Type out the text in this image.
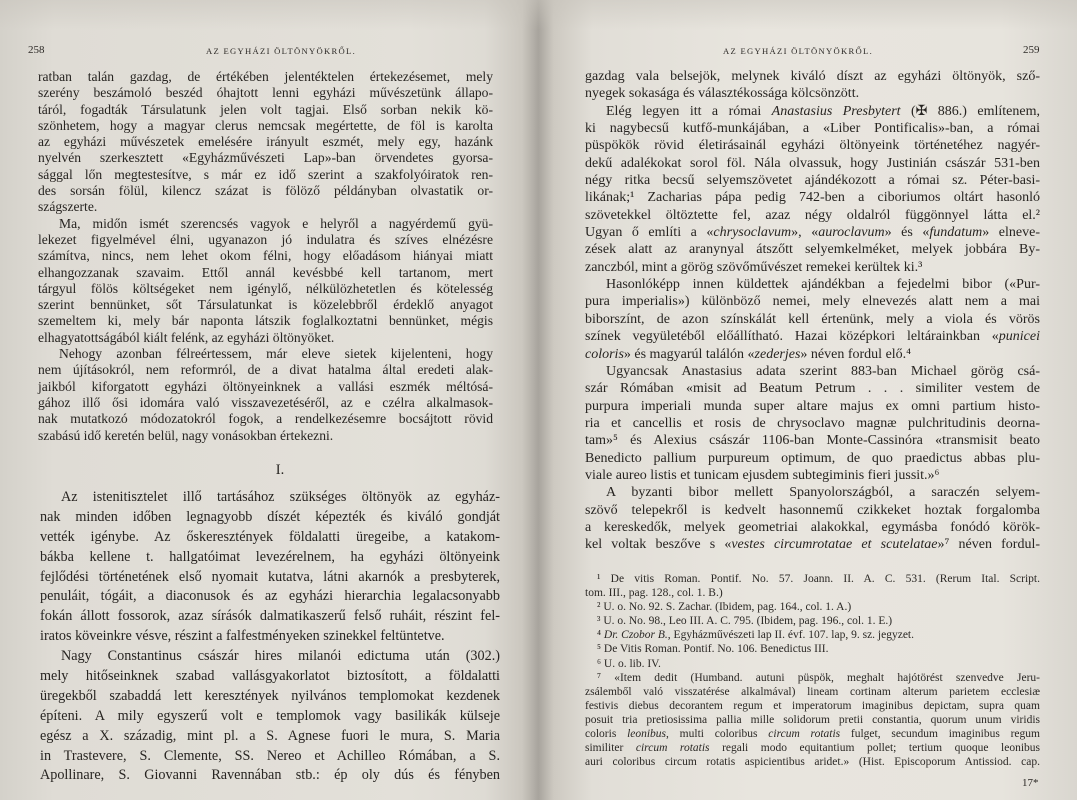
258	AZ EGYHÁZI ÖLTÖNYÖKRŐL.
ratban talán gazdag, de értékében jelentéktelen értekezésemet, mely
szerény beszámoló beszéd óhajtott lenni egyházi művészetünk állapo-
táról, fogadták Társulatunk jelen volt tagjai. Első sorban nekik kö-
szönhetem, hogy a magyar clerus nemcsak megértette, de föl is karolta
az egyházi művészetek emelésére irányult eszmét, mely egy, hazánk
nyelvén szerkesztett «Egyházművészeti Lap»-ban örvendetes gyorsa-
sággal lőn megtestesítve, s már ez idő szerint a szakfolyóiratok ren-
des sorsán fölül, kilencz százat is fölöző példányban olvastatik or-
szágszerte.
Ma, midőn ismét szerencsés vagyok e helyről a nagyérdemű gyü-
lekezet figyelmével élni, ugyanazon jó indulatra és szíves elnézésre
számítva, nincs, nem lehet okom félni, hogy előadásom hiányai miatt
elhangozzanak szavaim. Ettől annál kevésbbé kell tartanom, mert
tárgyul fölös költségeket nem igénylő, nélkülözhetetlen és kötelesség
szerint bennünket, sőt Társulatunkat is közelebbről érdeklő anyagot
szemeltem ki, mely bár naponta látszik foglalkoztatni bennünket, mégis
elhagyatottságából kiált felénk, az egyházi öltönyöket.
Nehogy azonban félreértessem, már eleve sietek kijelenteni, hogy
nem újításokról, nem reformról, de a divat hatalma által eredeti alak-
jaikból kiforgatott egyházi öltönyeinknek a vallási eszmék méltósá-
gához illő ősi idomára való visszavezetéséről, az e czélra alkalmasok-
nak mutatkozó módozatokról fogok, a rendelkezésemre bocsájtott rövid
szabású idő keretén belül, nagy vonásokban értekezni.
I.
Az istenitisztelet illő tartásához szükséges öltönyök az egyház-
nak minden időben legnagyobb díszét képezték és kiváló gondját
vették igénybe. Az őskeresztények földalatti üregeibe, a katakom-
bákba kellene t. hallgatóimat levezérelnem, ha egyházi öltönyeink
fejlődési történetének első nyomait kutatva, látni akarnók a presbyterek,
penuláit, tógáit, a diaconusok és az egyházi hierarchia legalacsonyabb
fokán állott fossorok, azaz sírásók dalmatikaszerű felső ruháit, részint fel-
iratos köveinkre vésve, részint a falfestményeken szinekkel feltüntetve.
Nagy Constantinus császár hires milanói edictuma után (302.)
mely hitőseinknek szabad vallásgyakorlatot biztosított, a földalatti
üregekből szabaddá lett keresztények nyilvános templomokat kezdenek
építeni. A mily egyszerű volt e templomok vagy basilikák külseje
egész a X. századig, mint pl. a S. Agnese fuori le mura, S. Maria
in Trastevere, S. Clemente, SS. Nereo et Achilleo Rómában, a S.
Apollinare, S. Giovanni Ravennában stb.: ép oly dús és fényben
AZ EGYHÁZI ÖLTÖNYÖKRŐL.	259
gazdag vala belsejök, melynek kiváló díszt az egyházi öltönyök, sző-
nyegek sokasága és választékossága kölcsönzött.
Elég legyen itt a római Anastasius Presbytert (✠ 886.) említenem,
ki nagybecsű kutfő-munkájában, a «Liber Pontificalis»-ban, a római
püspökök rövid életirásainál egyházi öltönyeink történetéhez nagyér-
dekű adalékokat sorol föl. Nála olvassuk, hogy Justinián császár 531-ben
négy ritka becsű selyemszövetet ajándékozott a római sz. Péter-basi-
likának;¹ Zacharias pápa pedig 742-ben a ciboriumos oltárt hasonló
szövetekkel öltöztette fel, azaz négy oldalról függönnyel látta el.²
Ugyan ő említi a «chrysoclavum», «auroclavum» és «fundatum» elneve-
zések alatt az aranynyal átszőtt selyemkelméket, melyek jobbára By-
zanczból, mint a görög szövőművészet remekei kerültek ki.³
Hasonlóképp innen küldettek ajándékban a fejedelmi bibor («Pur-
pura imperialis») különböző nemei, mely elnevezés alatt nem a mai
biborszínt, de azon színskálát kell értenünk, mely a viola és vörös
színek vegyületéből előállítható. Hazai középkori leltárainkban «punicei
coloris» és magyarúl találón «zederjes» néven fordul elő.⁴
Ugyancsak Anastasius adata szerint 883-ban Michael görög csá-
szár Rómában «misit ad Beatum Petrum . . . similiter vestem de
purpura imperiali munda super altare majus ex omni partium histo-
ria et cancellis et rosis de chrysoclavo magnæ pulchritudinis deorna-
tam»⁵ és Alexius császár 1106-ban Monte-Cassinóra «transmisit beato
Benedicto pallium purpureum optimum, de quo praedictus abbas plu-
viale aureo listis et tunicam ejusdem subtegiminis fieri jussit.»⁶
A byzanti bibor mellett Spanyolországból, a saraczén selyem-
szövő telepekről is kedvelt hasonnemű czikkeket hoztak forgalomba
a kereskedők, melyek geometriai alakokkal, egymásba fonódó körök-
kel voltak beszőve s «vestes circumrotatae et scutelatae»⁷ néven fordul-
¹ De vitis Roman. Pontif. No. 57. Joann. II. A. C. 531. (Rerum Ital. Script.
tom. III., pag. 128., col. 1. B.)
² U. o. No. 92. S. Zachar. (Ibidem, pag. 164., col. 1. A.)
³ U. o. No. 98., Leo III. A. C. 795. (Ibidem, pag. 196., col. 1. E.)
⁴ Dr. Czobor B., Egyházművészeti lap II. évf. 107. lap, 9. sz. jegyzet.
⁵ De Vitis Roman. Pontif. No. 106. Benedictus III.
⁶ U. o. lib. IV.
⁷ «Item dedit (Humband. autuni püspök, meghalt hajótörést szenvedve Jeru-
zsálemből való visszatérése alkalmával) lineam cortinam alterum parietem ecclesiæ
festivis diebus decorantem regum et imperatorum imaginibus depictam, supra quam
posuit tria pretiosissima pallia mille solidorum pretii constantia, quorum unum viridis
coloris leonibus, multi coloribus circum rotatis fulget, secundum imaginibus regum
similiter circum rotatis regali modo equitantium pollet; tertium quoque leonibus
auri coloribus circum rotatis aspicientibus aridet.» (Hist. Episcoporum Antissiod. cap.
17*
